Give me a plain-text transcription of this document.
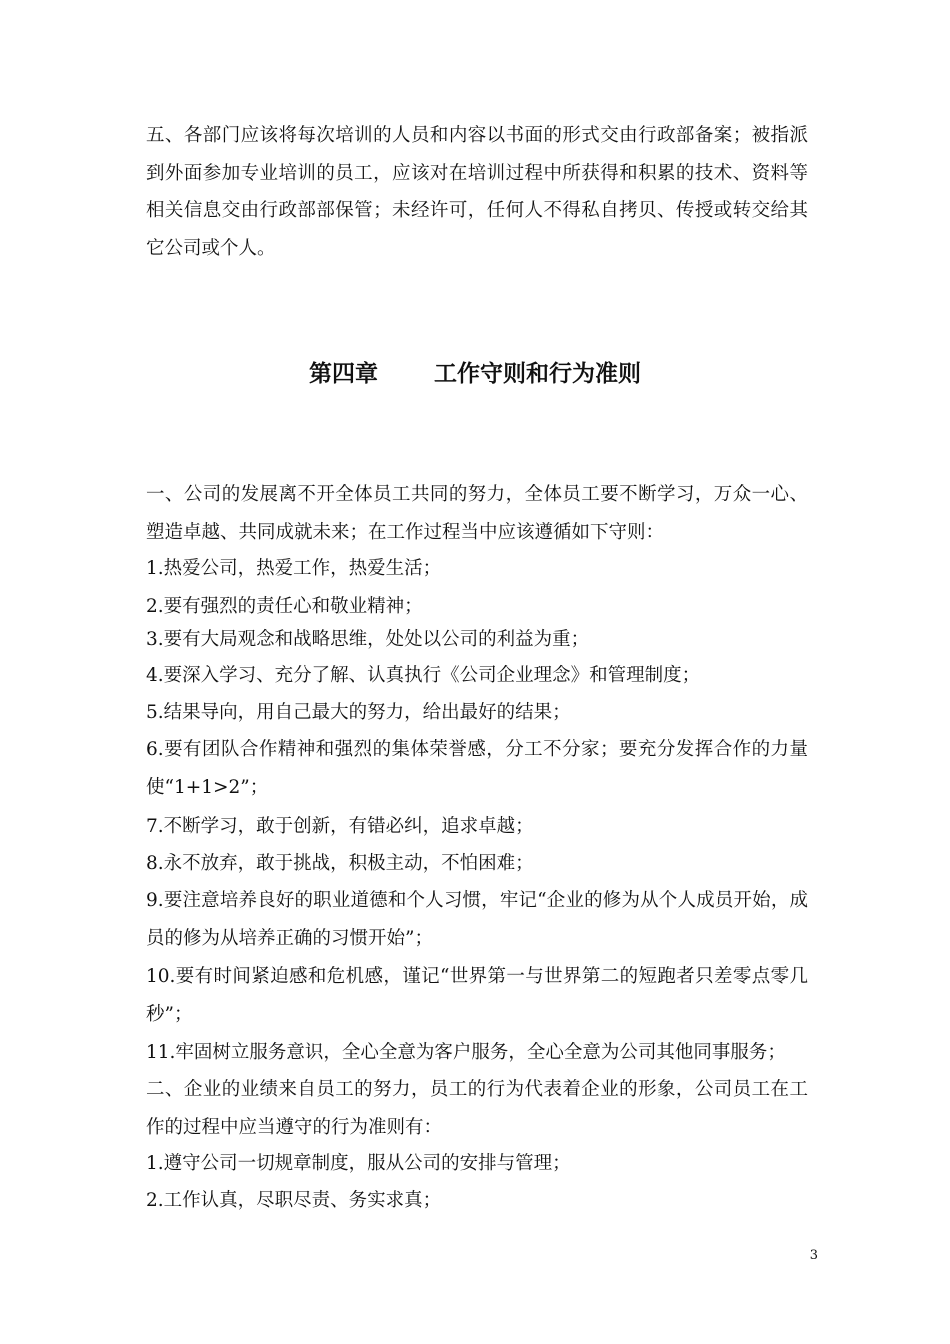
五、各部门应该将每次培训的人员和内容以书面的形式交由行政部备案；被指派到外面参加专业培训的员工，应该对在培训过程中所获得和积累的技术、资料等相关信息交由行政部部保管；未经许可，任何人不得私自拷贝、传授或转交给其它公司或个人。

第四章 工作守则和行为准则

一、公司的发展离不开全体员工共同的努力，全体员工要不断学习，万众一心、塑造卓越、共同成就未来；在工作过程当中应该遵循如下守则：

1.热爱公司，热爱工作，热爱生活；

2.要有强烈的责任心和敬业精神；

3.要有大局观念和战略思维，处处以公司的利益为重；

4.要深入学习、充分了解、认真执行《公司企业理念》和管理制度；

5.结果导向，用自己最大的努力，给出最好的结果；

6.要有团队合作精神和强烈的集体荣誉感，分工不分家；要充分发挥合作的力量使“1+1>2”；

7.不断学习，敢于创新，有错必纠，追求卓越；

8.永不放弃，敢于挑战，积极主动，不怕困难；

9.要注意培养良好的职业道德和个人习惯，牢记“企业的修为从个人成员开始，成员的修为从培养正确的习惯开始”；

10.要有时间紧迫感和危机感，谨记“世界第一与世界第二的短跑者只差零点零几秒”；

11.牢固树立服务意识，全心全意为客户服务，全心全意为公司其他同事服务；

二、企业的业绩来自员工的努力，员工的行为代表着企业的形象，公司员工在工作的过程中应当遵守的行为准则有：

1.遵守公司一切规章制度，服从公司的安排与管理；

2.工作认真，尽职尽责、务实求真；

3
